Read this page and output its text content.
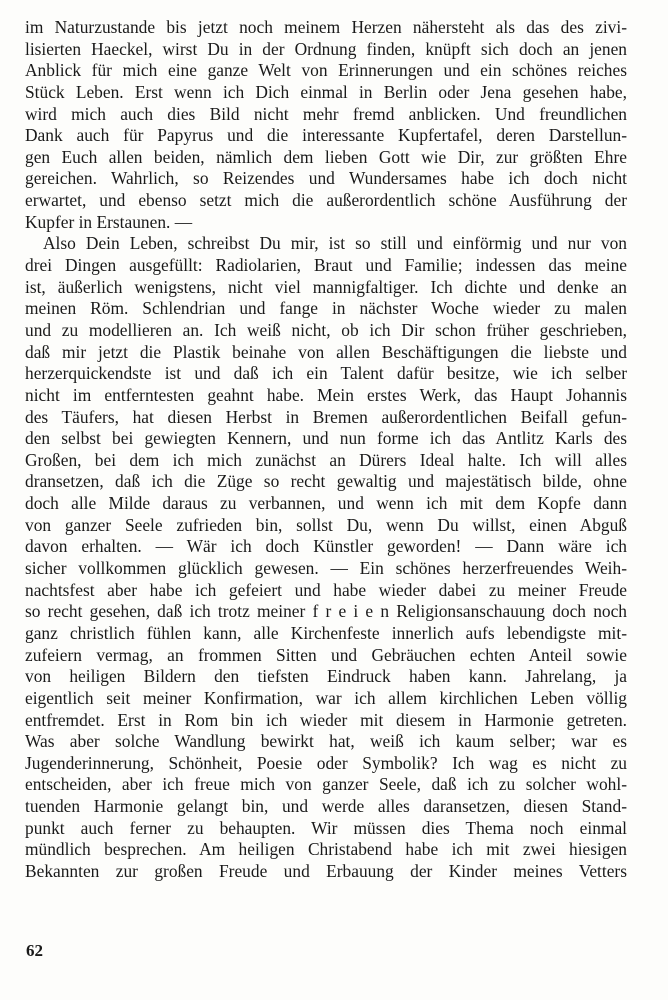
im Naturzustande bis jetzt noch meinem Herzen nähersteht als das des zivi-
lisierten Haeckel, wirst Du in der Ordnung finden, knüpft sich doch an jenen
Anblick für mich eine ganze Welt von Erinnerungen und ein schönes reiches
Stück Leben. Erst wenn ich Dich einmal in Berlin oder Jena gesehen habe,
wird mich auch dies Bild nicht mehr fremd anblicken. Und freundlichen
Dank auch für Papyrus und die interessante Kupfertafel, deren Darstellun-
gen Euch allen beiden, nämlich dem lieben Gott wie Dir, zur größten Ehre
gereichen. Wahrlich, so Reizendes und Wundersames habe ich doch nicht
erwartet, und ebenso setzt mich die außerordentlich schöne Ausführung der
Kupfer in Erstaunen. —
Also Dein Leben, schreibst Du mir, ist so still und einförmig und nur von
drei Dingen ausgefüllt: Radiolarien, Braut und Familie; indessen das meine
ist, äußerlich wenigstens, nicht viel mannigfaltiger. Ich dichte und denke an
meinen Röm. Schlendrian und fange in nächster Woche wieder zu malen
und zu modellieren an. Ich weiß nicht, ob ich Dir schon früher geschrieben,
daß mir jetzt die Plastik beinahe von allen Beschäftigungen die liebste und
herzerquickendste ist und daß ich ein Talent dafür besitze, wie ich selber
nicht im entferntesten geahnt habe. Mein erstes Werk, das Haupt Johannis
des Täufers, hat diesen Herbst in Bremen außerordentlichen Beifall gefun-
den selbst bei gewiegten Kennern, und nun forme ich das Antlitz Karls des
Großen, bei dem ich mich zunächst an Dürers Ideal halte. Ich will alles
dransetzen, daß ich die Züge so recht gewaltig und majestätisch bilde, ohne
doch alle Milde daraus zu verbannen, und wenn ich mit dem Kopfe dann
von ganzer Seele zufrieden bin, sollst Du, wenn Du willst, einen Abguß
davon erhalten. — Wär ich doch Künstler geworden! — Dann wäre ich
sicher vollkommen glücklich gewesen. — Ein schönes herzerfreuendes Weih-
nachtsfest aber habe ich gefeiert und habe wieder dabei zu meiner Freude
so recht gesehen, daß ich trotz meiner f r e i e n Religionsanschauung doch noch
ganz christlich fühlen kann, alle Kirchenfeste innerlich aufs lebendigste mit-
zufeiern vermag, an frommen Sitten und Gebräuchen echten Anteil sowie
von heiligen Bildern den tiefsten Eindruck haben kann. Jahrelang, ja
eigentlich seit meiner Konfirmation, war ich allem kirchlichen Leben völlig
entfremdet. Erst in Rom bin ich wieder mit diesem in Harmonie getreten.
Was aber solche Wandlung bewirkt hat, weiß ich kaum selber; war es
Jugenderinnerung, Schönheit, Poesie oder Symbolik? Ich wag es nicht zu
entscheiden, aber ich freue mich von ganzer Seele, daß ich zu solcher wohl-
tuenden Harmonie gelangt bin, und werde alles daransetzen, diesen Stand-
punkt auch ferner zu behaupten. Wir müssen dies Thema noch einmal
mündlich besprechen. Am heiligen Christabend habe ich mit zwei hiesigen
Bekannten zur großen Freude und Erbauung der Kinder meines Vetters
62
